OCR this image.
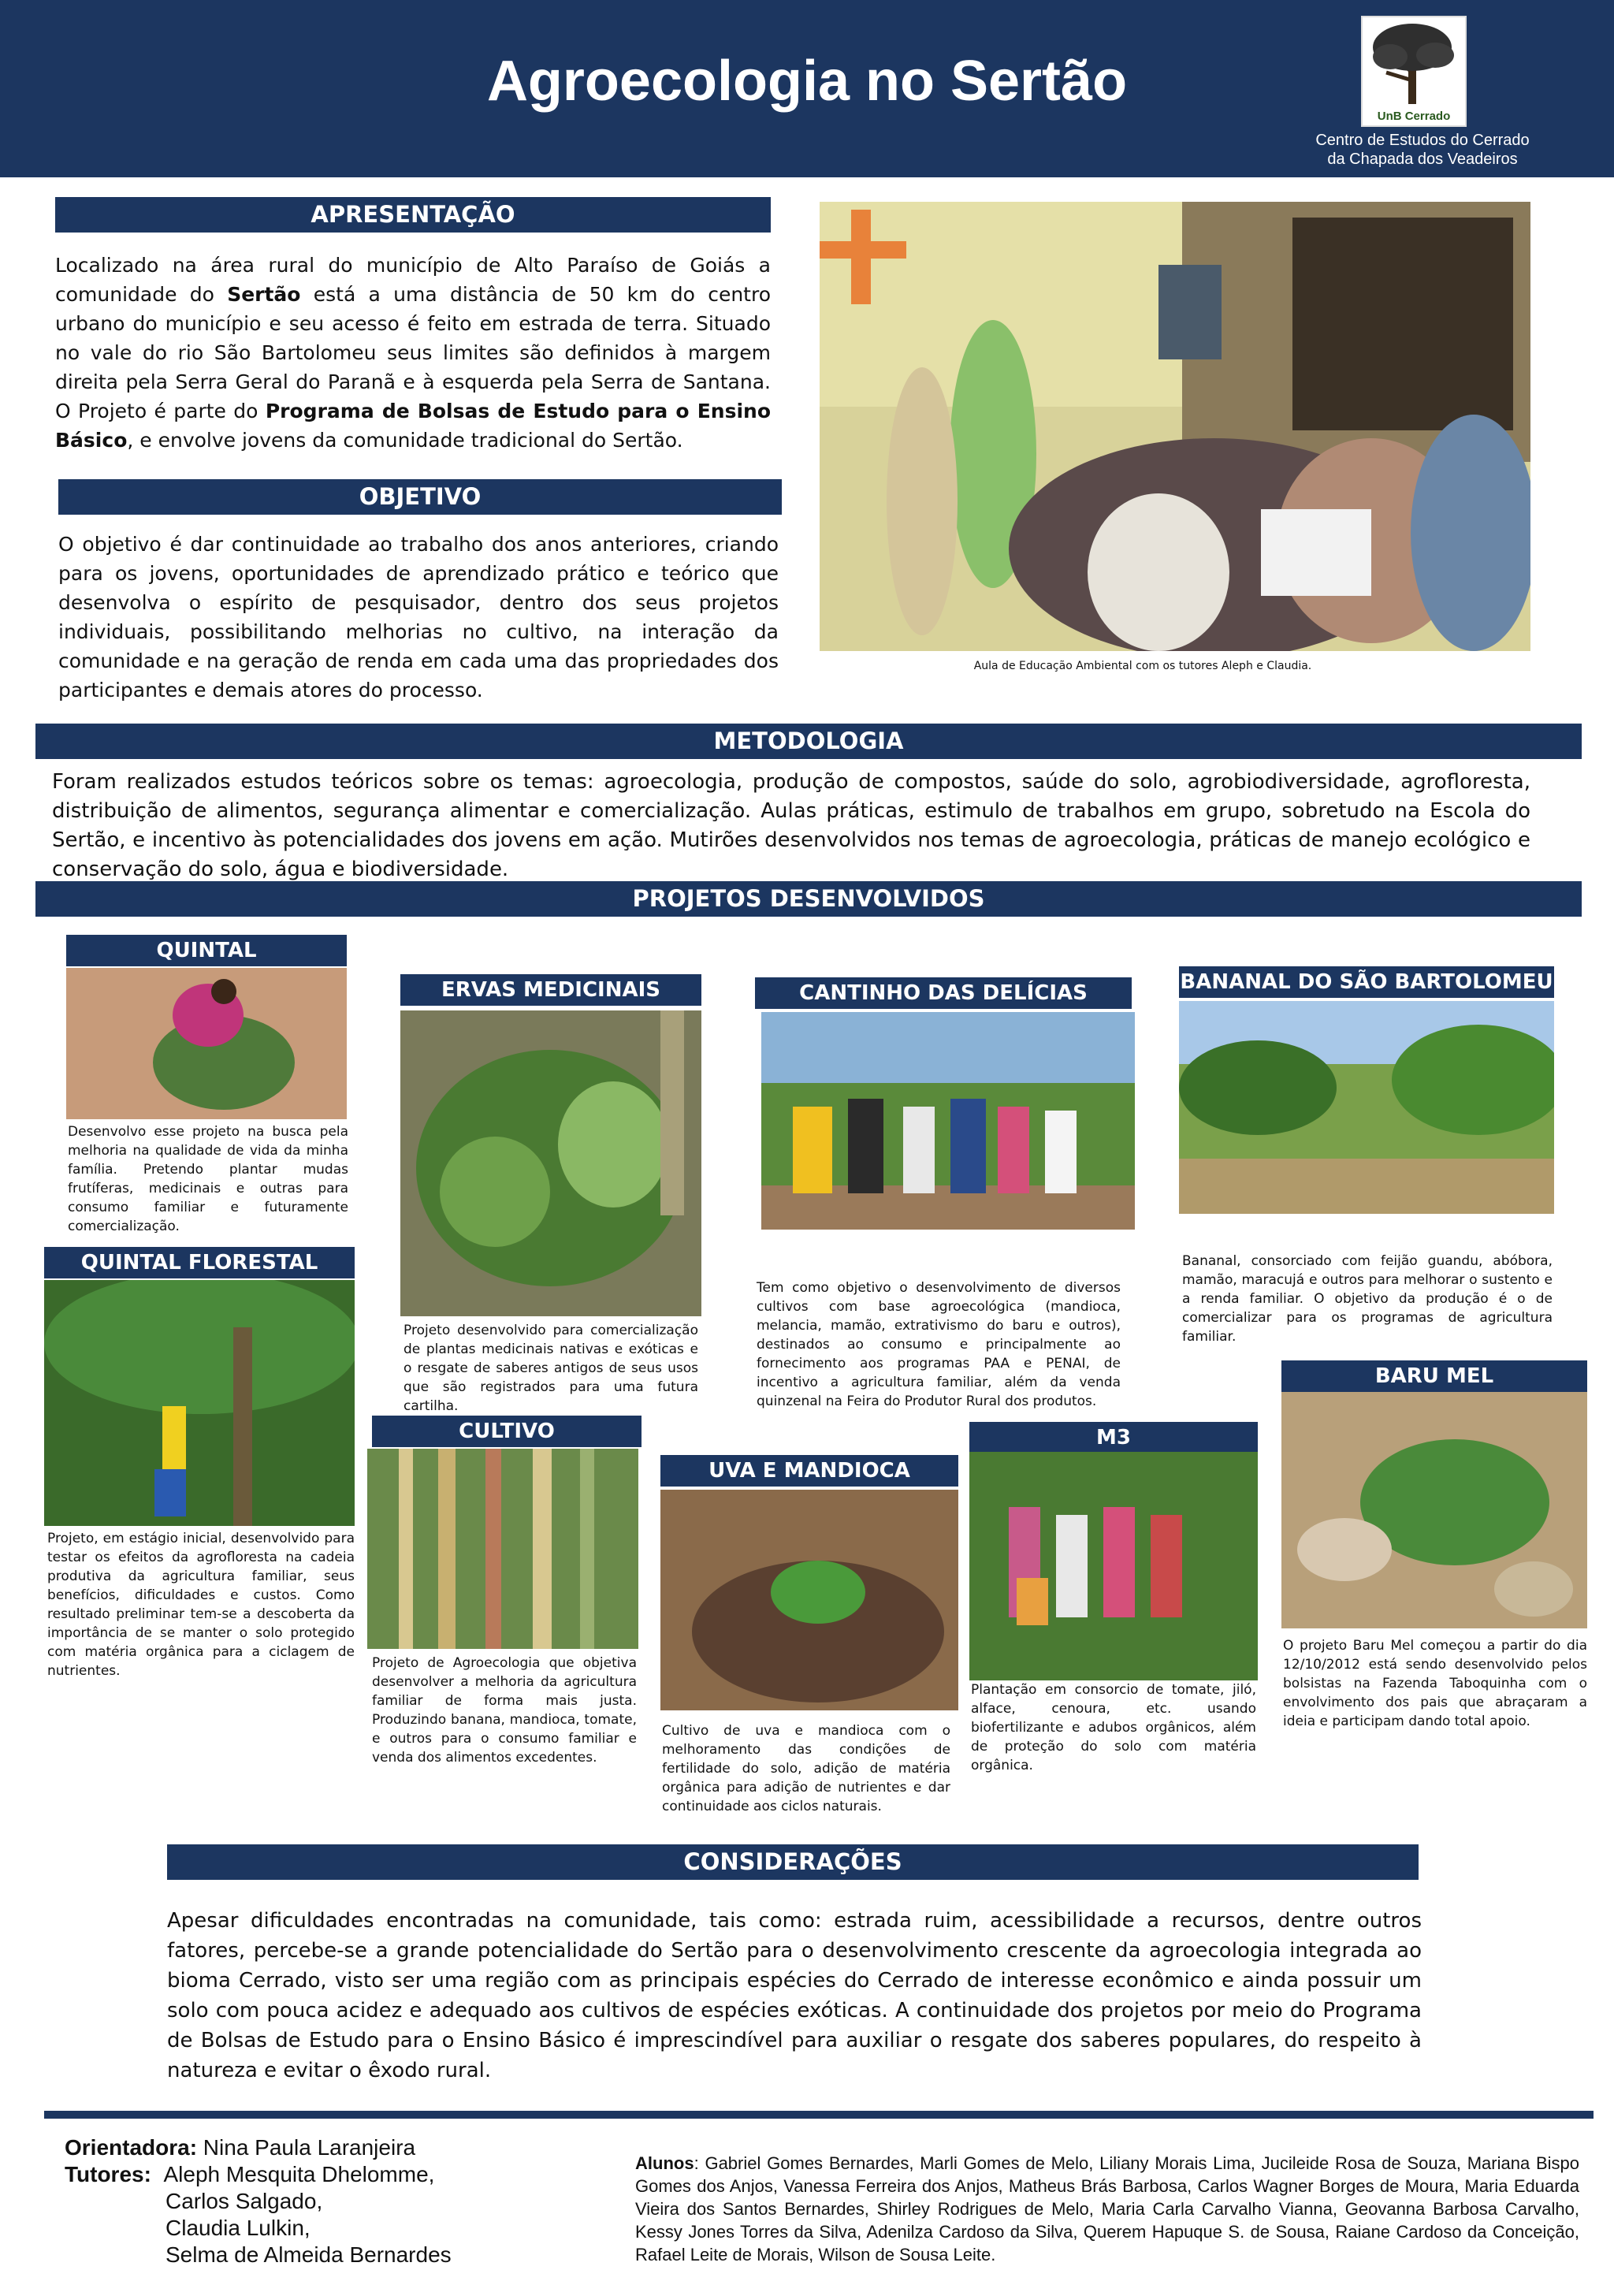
Agroecologia no Sertão
UnB Cerrado
Centro de Estudos do Cerrado
da Chapada dos Veadeiros
APRESENTAÇÃO
Localizado na área rural do município de Alto Paraíso de Goiás a comunidade do Sertão está a uma distância de 50 km do centro urbano do município e seu acesso é feito em estrada de terra. Situado no vale do rio São Bartolomeu seus limites são definidos à margem direita pela Serra Geral do Paranã e à esquerda pela Serra de Santana. O Projeto é parte do Programa de Bolsas de Estudo para o Ensino Básico, e envolve jovens da comunidade tradicional do Sertão.
OBJETIVO
O objetivo é dar continuidade ao trabalho dos anos anteriores, criando para os jovens, oportunidades de aprendizado prático e teórico que desenvolva o espírito de pesquisador, dentro dos seus projetos individuais, possibilitando melhorias no cultivo, na interação da comunidade e na geração de renda em cada uma das propriedades dos participantes e demais atores do processo.
Aula de Educação Ambiental com os tutores Aleph e Claudia.
METODOLOGIA
Foram realizados estudos teóricos sobre os temas: agroecologia, produção de compostos, saúde do solo, agrobiodiversidade, agrofloresta, distribuição de alimentos, segurança alimentar e comercialização. Aulas práticas, estimulo de trabalhos em grupo, sobretudo na Escola do Sertão, e incentivo às potencialidades dos jovens em ação. Mutirões desenvolvidos nos temas de agroecologia, práticas de manejo ecológico e conservação do solo, água e biodiversidade.
PROJETOS DESENVOLVIDOS
QUINTAL
Desenvolvo esse projeto na busca pela melhoria na qualidade de vida da minha família. Pretendo plantar mudas frutíferas, medicinais e outras para consumo familiar e futuramente comercialização.
ERVAS MEDICINAIS
Projeto desenvolvido para comercialização de plantas medicinais nativas e exóticas e o resgate de saberes antigos de seus usos que são registrados para uma futura cartilha.
CANTINHO DAS DELÍCIAS
Tem como objetivo o desenvolvimento de diversos cultivos com base agroecológica (mandioca, melancia, mamão, extrativismo do baru e outros), destinados ao consumo e principalmente ao fornecimento aos programas PAA e PENAI, de incentivo a agricultura familiar, além da venda quinzenal na Feira do Produtor Rural dos produtos.
BANANAL DO SÃO BARTOLOMEU
Bananal, consorciado com feijão guandu, abóbora, mamão, maracujá e outros para melhorar o sustento e a renda familiar. O objetivo da produção é o de comercializar para os programas de agricultura familiar.
QUINTAL FLORESTAL
Projeto, em estágio inicial, desenvolvido para testar os efeitos da agrofloresta na cadeia produtiva da agricultura familiar, seus benefícios, dificuldades e custos. Como resultado preliminar tem-se a descoberta da importância de se manter o solo protegido com matéria orgânica para a ciclagem de nutrientes.
CULTIVO
Projeto de Agroecologia que objetiva desenvolver a melhoria da agricultura familiar de forma mais justa. Produzindo banana, mandioca, tomate, e outros para o consumo familiar e venda dos alimentos excedentes.
UVA E MANDIOCA
Cultivo de uva e mandioca com o melhoramento das condições de fertilidade do solo, adição de matéria orgânica para adição de nutrientes e dar continuidade aos ciclos naturais.
M3
Plantação em consorcio de tomate, jiló, alface, cenoura, etc. usando biofertilizante e adubos orgânicos, além de proteção do solo com matéria orgânica.
BARU MEL
O projeto Baru Mel começou a partir do dia 12/10/2012 está sendo desenvolvido pelos bolsistas na Fazenda Taboquinha com o envolvimento dos pais que abraçaram a ideia e participam dando total apoio.
CONSIDERAÇÕES
Apesar dificuldades encontradas na comunidade, tais como: estrada ruim, acessibilidade a recursos, dentre outros fatores, percebe-se a grande potencialidade do Sertão para o desenvolvimento crescente da agroecologia integrada ao bioma Cerrado, visto ser uma região com as principais espécies do Cerrado de interesse econômico e ainda possuir um solo com pouca acidez e adequado aos cultivos de espécies exóticas. A continuidade dos projetos por meio do Programa de Bolsas de Estudo para o Ensino Básico é imprescindível para auxiliar o resgate dos saberes populares, do respeito à natureza e evitar o êxodo rural.
Orientadora: Nina Paula Laranjeira
Tutores: Aleph Mesquita Dhelomme,
Carlos Salgado,
Claudia Lulkin,
Selma de Almeida Bernardes
Alunos: Gabriel Gomes Bernardes, Marli Gomes de Melo, Liliany Morais Lima, Jucileide Rosa de Souza, Mariana Bispo Gomes dos Anjos, Vanessa Ferreira dos Anjos, Matheus Brás Barbosa, Carlos Wagner Borges de Moura, Maria Eduarda Vieira dos Santos Bernardes, Shirley Rodrigues de Melo, Maria Carla Carvalho Vianna, Geovanna Barbosa Carvalho, Kessy Jones Torres da Silva, Adenilza Cardoso da Silva, Querem Hapuque S. de Sousa, Raiane Cardoso da Conceição, Rafael Leite de Morais, Wilson de Sousa Leite.
